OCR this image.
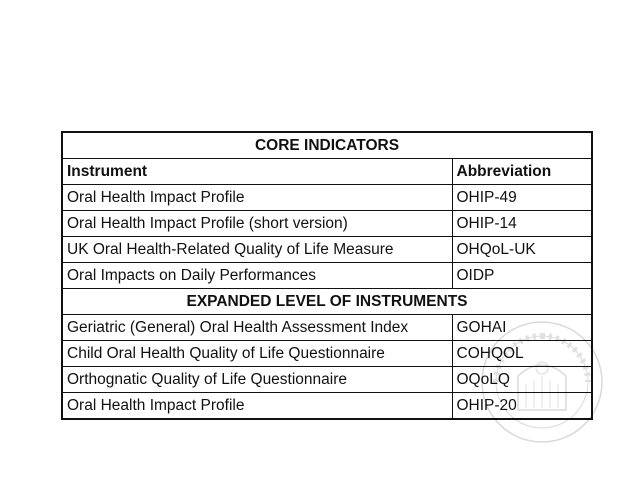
CORE INDICATORS	
Instrument	Abbreviation
Oral Health Impact Profile	OHIP-49
Oral Health Impact Profile (short version)	OHIP-14
UK Oral Health-Related Quality of Life Measure	OHQoL-UK
Oral Impacts on Daily Performances	OIDP
EXPANDED LEVEL OF INSTRUMENTS	
Geriatric (General) Oral Health Assessment Index	GOHAI
Child Oral Health Quality of Life Questionnaire	COHQOL
Orthognatic Quality of Life Questionnaire	OQoLQ
Oral Health Impact Profile	OHIP-20
